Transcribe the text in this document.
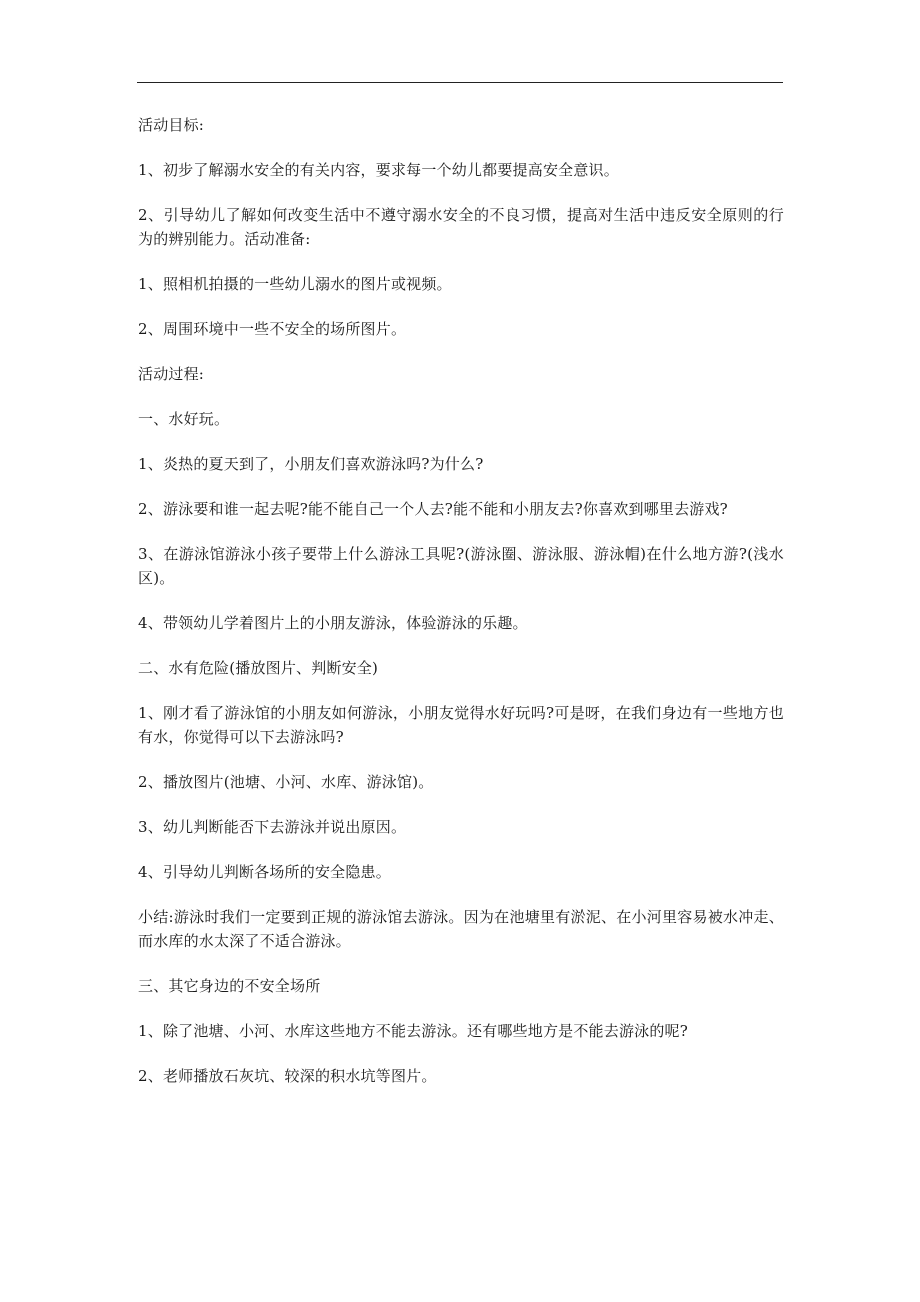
活动目标:

1、初步了解溺水安全的有关内容，要求每一个幼儿都要提高安全意识。

2、引导幼儿了解如何改变生活中不遵守溺水安全的不良习惯，提高对生活中违反安全原则的行为的辨别能力。活动准备:

1、照相机拍摄的一些幼儿溺水的图片或视频。

2、周围环境中一些不安全的场所图片。

活动过程:

一、水好玩。

1、炎热的夏天到了，小朋友们喜欢游泳吗?为什么?

2、游泳要和谁一起去呢?能不能自己一个人去?能不能和小朋友去?你喜欢到哪里去游戏?

3、在游泳馆游泳小孩子要带上什么游泳工具呢?(游泳圈、游泳服、游泳帽)在什么地方游?(浅水区)。

4、带领幼儿学着图片上的小朋友游泳，体验游泳的乐趣。

二、水有危险(播放图片、判断安全)

1、刚才看了游泳馆的小朋友如何游泳，小朋友觉得水好玩吗?可是呀，在我们身边有一些地方也有水，你觉得可以下去游泳吗?

2、播放图片(池塘、小河、水库、游泳馆)。

3、幼儿判断能否下去游泳并说出原因。

4、引导幼儿判断各场所的安全隐患。

小结:游泳时我们一定要到正规的游泳馆去游泳。因为在池塘里有淤泥、在小河里容易被水冲走、而水库的水太深了不适合游泳。

三、其它身边的不安全场所

1、除了池塘、小河、水库这些地方不能去游泳。还有哪些地方是不能去游泳的呢?

2、老师播放石灰坑、较深的积水坑等图片。
